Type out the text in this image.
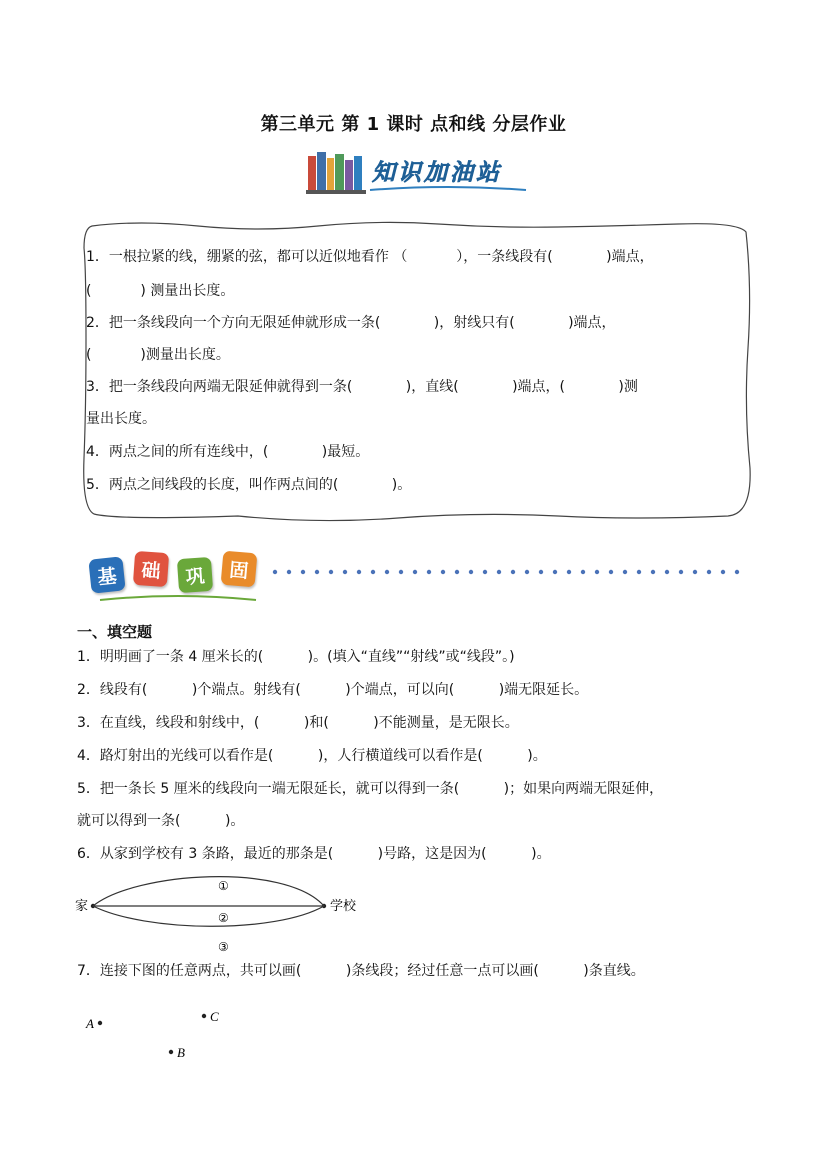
第三单元 第 1 课时 点和线 分层作业
知识加油站
1．一根拉紧的线，绷紧的弦，都可以近似地看作 （           ），一条线段有(            )端点，
(           ) 测量出长度。
2．把一条线段向一个方向无限延伸就形成一条(            )，射线只有(            )端点，
(           )测量出长度。
3．把一条线段向两端无限延伸就得到一条(            )，直线(            )端点，(            )测
量出长度。
4．两点之间的所有连线中，(            )最短。
5．两点之间线段的长度，叫作两点间的(            )。
基	础	巩	固
一、填空题
1．明明画了一条 4 厘米长的(          )。(填入“直线”“射线”或“线段”。)
2．线段有(          )个端点。射线有(          )个端点，可以向(          )端无限延长。
3．在直线，线段和射线中，(          )和(          )不能测量，是无限长。
4．路灯射出的光线可以看作是(          )，人行横道线可以看作是(          )。
5．把一条长 5 厘米的线段向一端无限延长，就可以得到一条(          )；如果向两端无限延伸，
就可以得到一条(          )。
6．从家到学校有 3 条路，最近的那条是(          )号路，这是因为(          )。
家	学校
①
②
③
7．连接下图的任意两点，共可以画(          )条线段；经过任意一点可以画(          )条直线。
A	C
B
